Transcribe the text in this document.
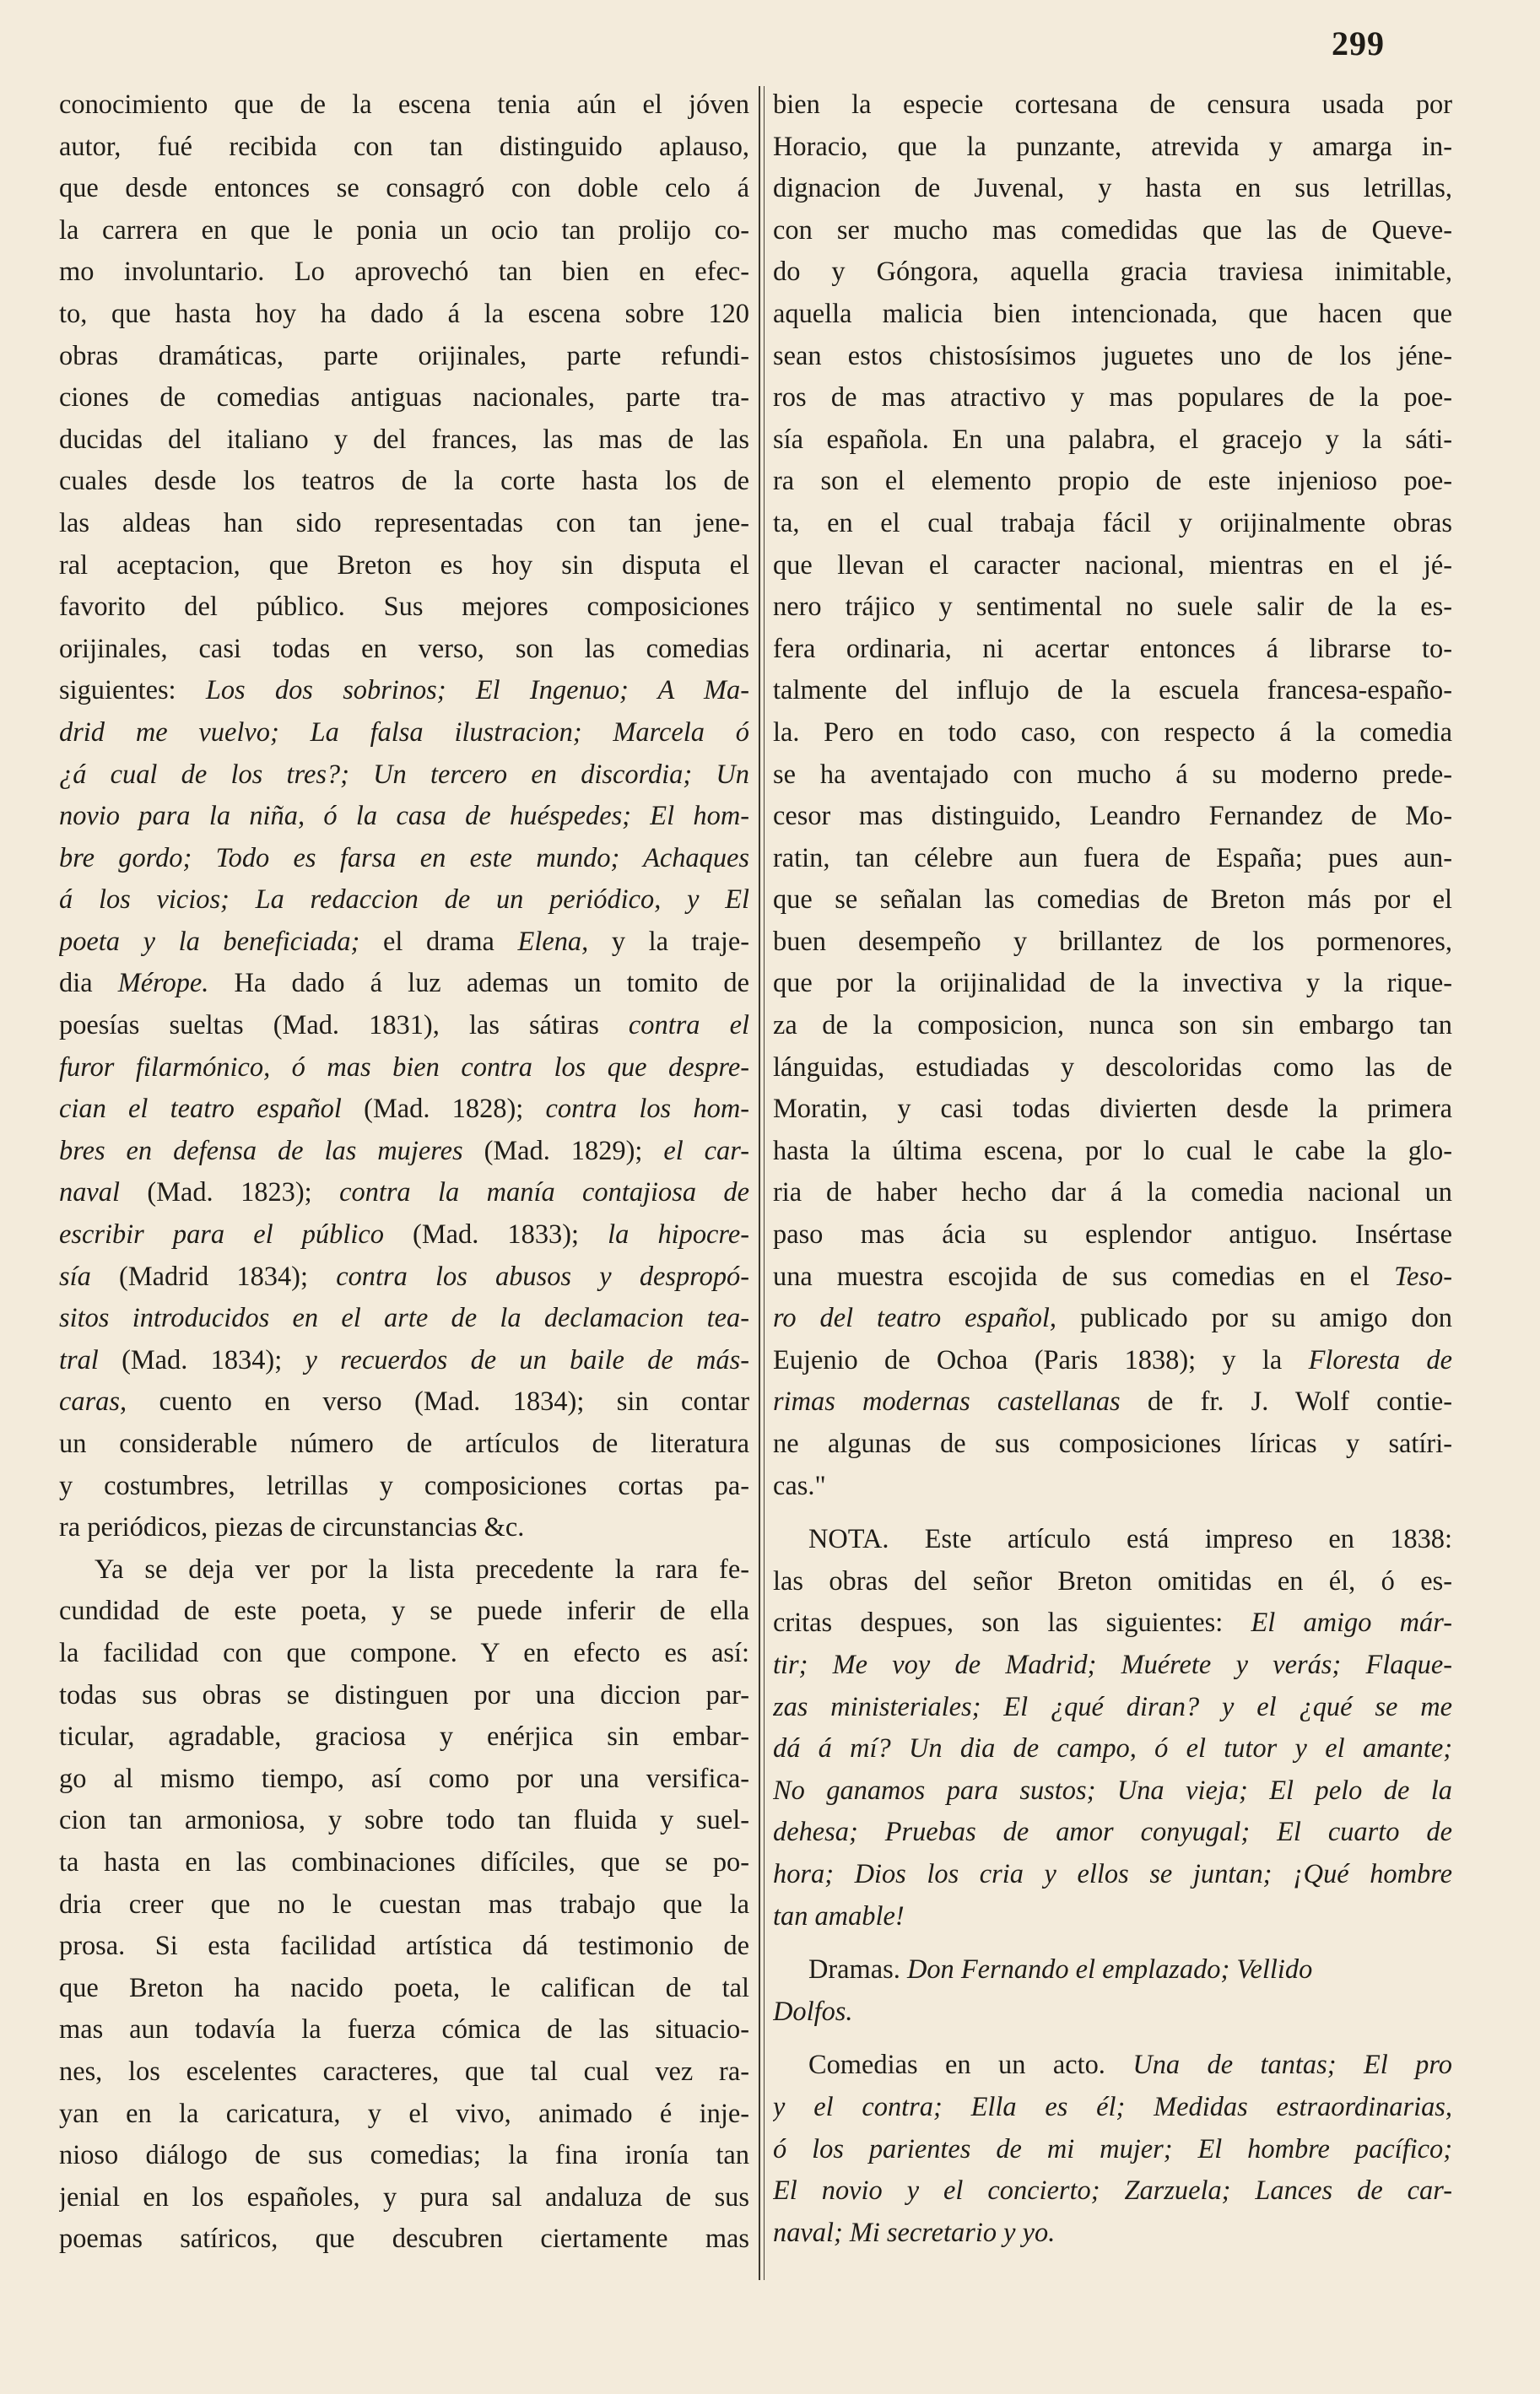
299
conocimiento que de la escena tenia aún el jóven
autor, fué recibida con tan distinguido aplauso,
que desde entonces se consagró con doble celo á
la carrera en que le ponia un ocio tan prolijo co-
mo involuntario. Lo aprovechó tan bien en efec-
to, que hasta hoy ha dado á la escena sobre 120
obras dramáticas, parte orijinales, parte refundi-
ciones de comedias antiguas nacionales, parte tra-
ducidas del italiano y del frances, las mas de las
cuales desde los teatros de la corte hasta los de
las aldeas han sido representadas con tan jene-
ral aceptacion, que Breton es hoy sin disputa el
favorito del público. Sus mejores composiciones
orijinales, casi todas en verso, son las comedias
siguientes: Los dos sobrinos; El Ingenuo; A Ma-
drid me vuelvo; La falsa ilustracion; Marcela ó
¿á cual de los tres?; Un tercero en discordia; Un
novio para la niña, ó la casa de huéspedes; El hom-
bre gordo; Todo es farsa en este mundo; Achaques
á los vicios; La redaccion de un periódico, y El
poeta y la beneficiada; el drama Elena, y la traje-
dia Mérope. Ha dado á luz ademas un tomito de
poesías sueltas (Mad. 1831), las sátiras contra el
furor filarmónico, ó mas bien contra los que despre-
cian el teatro español (Mad. 1828); contra los hom-
bres en defensa de las mujeres (Mad. 1829); el car-
naval (Mad. 1823); contra la manía contajiosa de
escribir para el público (Mad. 1833); la hipocre-
sía (Madrid 1834); contra los abusos y despropó-
sitos introducidos en el arte de la declamacion tea-
tral (Mad. 1834); y recuerdos de un baile de más-
caras, cuento en verso (Mad. 1834); sin contar
un considerable número de artículos de literatura
y costumbres, letrillas y composiciones cortas pa-
ra periódicos, piezas de circunstancias &c.
Ya se deja ver por la lista precedente la rara fe-
cundidad de este poeta, y se puede inferir de ella
la facilidad con que compone. Y en efecto es así:
todas sus obras se distinguen por una diccion par-
ticular, agradable, graciosa y enérjica sin embar-
go al mismo tiempo, así como por una versifica-
cion tan armoniosa, y sobre todo tan fluida y suel-
ta hasta en las combinaciones difíciles, que se po-
dria creer que no le cuestan mas trabajo que la
prosa. Si esta facilidad artística dá testimonio de
que Breton ha nacido poeta, le califican de tal
mas aun todavía la fuerza cómica de las situacio-
nes, los escelentes caracteres, que tal cual vez ra-
yan en la caricatura, y el vivo, animado é inje-
nioso diálogo de sus comedias; la fina ironía tan
jenial en los españoles, y pura sal andaluza de sus
poemas satíricos, que descubren ciertamente mas
bien la especie cortesana de censura usada por
Horacio, que la punzante, atrevida y amarga in-
dignacion de Juvenal, y hasta en sus letrillas,
con ser mucho mas comedidas que las de Queve-
do y Góngora, aquella gracia traviesa inimitable,
aquella malicia bien intencionada, que hacen que
sean estos chistosísimos juguetes uno de los jéne-
ros de mas atractivo y mas populares de la poe-
sía española. En una palabra, el gracejo y la sáti-
ra son el elemento propio de este injenioso poe-
ta, en el cual trabaja fácil y orijinalmente obras
que llevan el caracter nacional, mientras en el jé-
nero trájico y sentimental no suele salir de la es-
fera ordinaria, ni acertar entonces á librarse to-
talmente del influjo de la escuela francesa-españo-
la. Pero en todo caso, con respecto á la comedia
se ha aventajado con mucho á su moderno prede-
cesor mas distinguido, Leandro Fernandez de Mo-
ratin, tan célebre aun fuera de España; pues aun-
que se señalan las comedias de Breton más por el
buen desempeño y brillantez de los pormenores,
que por la orijinalidad de la invectiva y la rique-
za de la composicion, nunca son sin embargo tan
lánguidas, estudiadas y descoloridas como las de
Moratin, y casi todas divierten desde la primera
hasta la última escena, por lo cual le cabe la glo-
ria de haber hecho dar á la comedia nacional un
paso mas ácia su esplendor antiguo. Insértase
una muestra escojida de sus comedias en el Teso-
ro del teatro español, publicado por su amigo don
Eujenio de Ochoa (Paris 1838); y la Floresta de
rimas modernas castellanas de fr. J. Wolf contie-
ne algunas de sus composiciones líricas y satíri-
cas."
NOTA. Este artículo está impreso en 1838:
las obras del señor Breton omitidas en él, ó es-
critas despues, son las siguientes: El amigo már-
tir; Me voy de Madrid; Muérete y verás; Flaque-
zas ministeriales; El ¿qué diran? y el ¿qué se me
dá á mí? Un dia de campo, ó el tutor y el amante;
No ganamos para sustos; Una vieja; El pelo de la
dehesa; Pruebas de amor conyugal; El cuarto de
hora; Dios los cria y ellos se juntan; ¡Qué hombre
tan amable!
Dramas. Don Fernando el emplazado; Vellido
Dolfos.
Comedias en un acto. Una de tantas; El pro
y el contra; Ella es él; Medidas estraordinarias,
ó los parientes de mi mujer; El hombre pacífico;
El novio y el concierto; Zarzuela; Lances de car-
naval; Mi secretario y yo.
